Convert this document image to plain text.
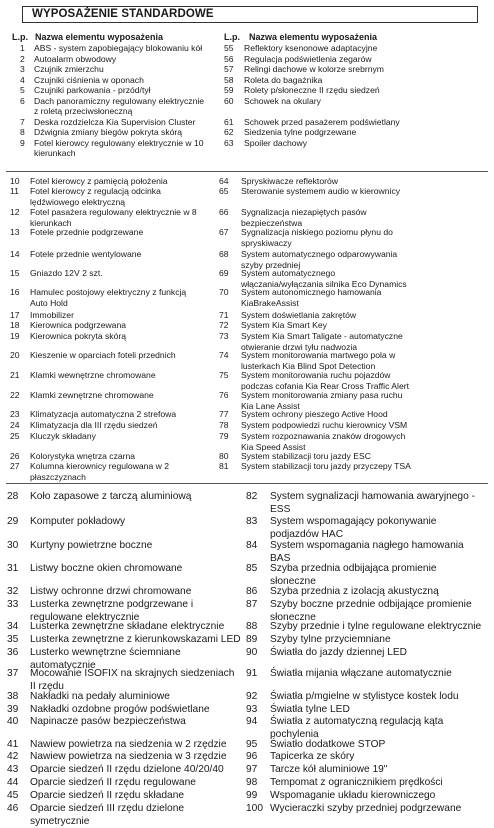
WYPOSAŻENIE STANDARDOWE
L.p. Nazwa elementu wyposażenia	L.p. Nazwa elementu wyposażenia
1 ABS - system zapobiegający blokowaniu kół
2 Autoalarm obwodowy
3 Czujnik zmierzchu
4 Czujniki ciśnienia w oponach
5 Czujniki parkowania - przód/tył
6 Dach panoramiczny regulowany elektrycznie
z roletą przeciwsłoneczną
7 Deska rozdzielcza Kia Supervision Cluster
8 Dźwignia zmiany biegów pokryta skórą
9 Fotel kierowcy regulowany elektrycznie w 10
kierunkach
55 Reflektory ksenonowe adaptacyjne
56 Regulacja podświetlenia zegarów
57 Relingi dachowe w kolorze srebrnym
58 Roleta do bagażnika
59 Rolety p/słoneczne II rzędu siedzeń
60 Schowek na okulary
61 Schowek przed pasażerem podświetlany
62 Siedzenia tylne podgrzewane
63 Spoiler dachowy
10 Fotel kierowcy z pamięcią położenia
11 Fotel kierowcy z regulacją odcinka
lędźwiowego elektryczną
12 Fotel pasażera regulowany elektrycznie w 8
kierunkach
13 Fotele przednie podgrzewane
14 Fotele przednie wentylowane
15 Gniazdo 12V 2 szt.
16 Hamulec postojowy elektryczny z funkcją
Auto Hold
17 Immobilizer
18 Kierownica podgrzewana
19 Kierownica pokryta skórą
20 Kieszenie w oparciach foteli przednich
21 Klamki wewnętrzne chromowane
22 Klamki zewnętrzne chromowane
23 Klimatyzacja automatyczna 2 strefowa
24 Klimatyzacja dla III rzędu siedzeń
25 Kluczyk składany
26 Kolorystyka wnętrza czarna
27 Kolumna kierownicy regulowana w 2
płaszczyznach
64 Spryskiwacze reflektorów
65 Sterowanie systemem audio w kierownicy
66 Sygnalizacja niezapiętych pasów
bezpieczeństwa
67 Sygnalizacja niskiego poziomu płynu do
spryskiwaczy
68 System automatycznego odparowywania
szyby przedniej
69 System automatycznego
włączania/wyłączania silnika Eco Dynamics
70 System autonomicznego hamowania
KiaBrakeAssist
71 System doświetlania zakrętów
72 System Kia Smart Key
73 System Kia Smart Taligate - automatyczne
otwieranie drzwi tyłu nadwozia
74 System monitorowania martwego pola w
lusterkach Kia Blind Spot Detection
75 System monitorowania ruchu pojazdów
podczas cofania Kia Rear Cross Traffic Alert
76 System monitorowania zmiany pasa ruchu
Kia Lane Assist
77 System ochrony pieszego Active Hood
78 System podpowiedzi ruchu kierownicy VSM
79 System rozpoznawania znaków drogowych
Kia Speed Assist
80 System stabilizacji toru jazdy ESC
81 System stabilizacji toru jazdy przyczepy TSA
28 Koło zapasowe z tarczą aluminiową
29 Komputer pokładowy
30 Kurtyny powietrzne boczne
31 Listwy boczne okien chromowane
32 Listwy ochronne drzwi chromowane
33 Lusterka zewnętrzne podgrzewane i
regulowane elektrycznie
34 Lusterka zewnętrzne składane elektrycznie
35 Lusterka zewnętrzne z kierunkowskazami LED
36 Lusterko wewnętrzne ściemniane
automatycznie
37 Mocowanie ISOFIX na skrajnych siedzeniach
II rzędu
38 Nakładki na pedały aluminiowe
39 Nakładki ozdobne progów podświetlane
40 Napinacze pasów bezpieczeństwa
41 Nawiew powietrza na siedzenia w 2 rzędzie
42 Nawiew powietrza na siedzenia w 3 rzędzie
43 Oparcie siedzeń II rzędu dzielone 40/20/40
44 Oparcie siedzeń II rzędu regulowane
45 Oparcie siedzeń II rzędu składane
46 Oparcie siedzeń III rzędu dzielone
symetrycznie
82 System sygnalizacji hamowania awaryjnego -
ESS
83 System wspomagający pokonywanie
podjazdów HAC
84 System wspomagania nagłego hamowania
BAS
85 Szyba przednia odbijająca promienie
słoneczne
86 Szyba przednia z izolacją akustyczną
87 Szyby boczne przednie odbijające promienie
słoneczne
88 Szyby przednie i tylne regulowane elektrycznie
89 Szyby tylne przyciemniane
90 Światła do jazdy dziennej LED
91 Światła mijania włączane automatycznie
92 Światła p/mgielne w stylistyce kostek lodu
93 Światła tylne LED
94 Światła z automatyczną regulacją kąta
pochylenia
95 Światło dodatkowe STOP
96 Tapicerka ze skóry
97 Tarcze kół aluminiowe 19"
98 Tempomat z ogranicznikiem prędkości
99 Wspomaganie układu kierowniczego
100 Wycieraczki szyby przedniej podgrzewane
